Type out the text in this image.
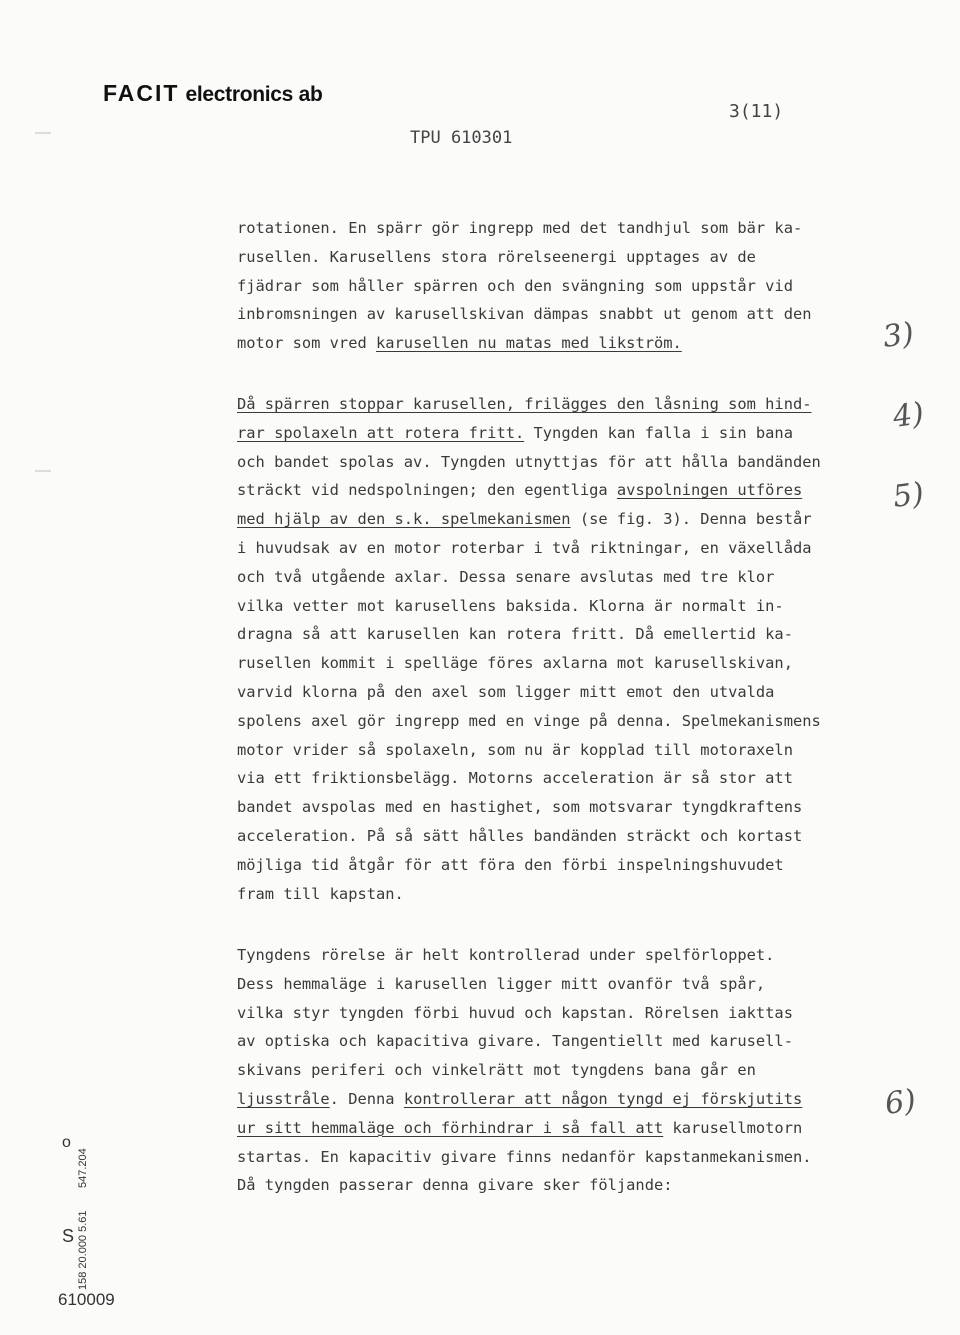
FACIT electronics ab
3(11)
TPU 610301
rotationen. En spärr gör ingrepp med det tandhjul som bär ka-
rusellen. Karusellens stora rörelseenergi upptages av de
fjädrar som håller spärren och den svängning som uppstår vid
inbromsningen av karusellskivan dämpas snabbt ut genom att den
motor som vred karusellen nu matas med likström.
Då spärren stoppar karusellen, frilägges den låsning som hind-
rar spolaxeln att rotera fritt. Tyngden kan falla i sin bana
och bandet spolas av. Tyngden utnyttjas för att hålla bandänden
sträckt vid nedspolningen; den egentliga avspolningen utföres
med hjälp av den s.k. spelmekanismen (se fig. 3). Denna består
i huvudsak av en motor roterbar i två riktningar, en växellåda
och två utgående axlar. Dessa senare avslutas med tre klor
vilka vetter mot karusellens baksida. Klorna är normalt in-
dragna så att karusellen kan rotera fritt. Då emellertid ka-
rusellen kommit i spelläge föres axlarna mot karusellskivan,
varvid klorna på den axel som ligger mitt emot den utvalda
spolens axel gör ingrepp med en vinge på denna. Spelmekanismens
motor vrider så spolaxeln, som nu är kopplad till motoraxeln
via ett friktionsbelägg. Motorns acceleration är så stor att
bandet avspolas med en hastighet, som motsvarar tyngdkraftens
acceleration. På så sätt hålles bandänden sträckt och kortast
möjliga tid åtgår för att föra den förbi inspelningshuvudet
fram till kapstan.
Tyngdens rörelse är helt kontrollerad under spelförloppet.
Dess hemmaläge i karusellen ligger mitt ovanför två spår,
vilka styr tyngden förbi huvud och kapstan. Rörelsen iakttas
av optiska och kapacitiva givare. Tangentiellt med karusell-
skivans periferi och vinkelrätt mot tyngdens bana går en
ljusstråle. Denna kontrollerar att någon tyngd ej förskjutits
ur sitt hemmaläge och förhindrar i så fall att karusellmotorn
startas. En kapacitiv givare finns nedanför kapstanmekanismen.
Då tyngden passerar denna givare sker följande:
3)
4)
5)
6)
o
S
547.204
158 20.000 5.61
610009
